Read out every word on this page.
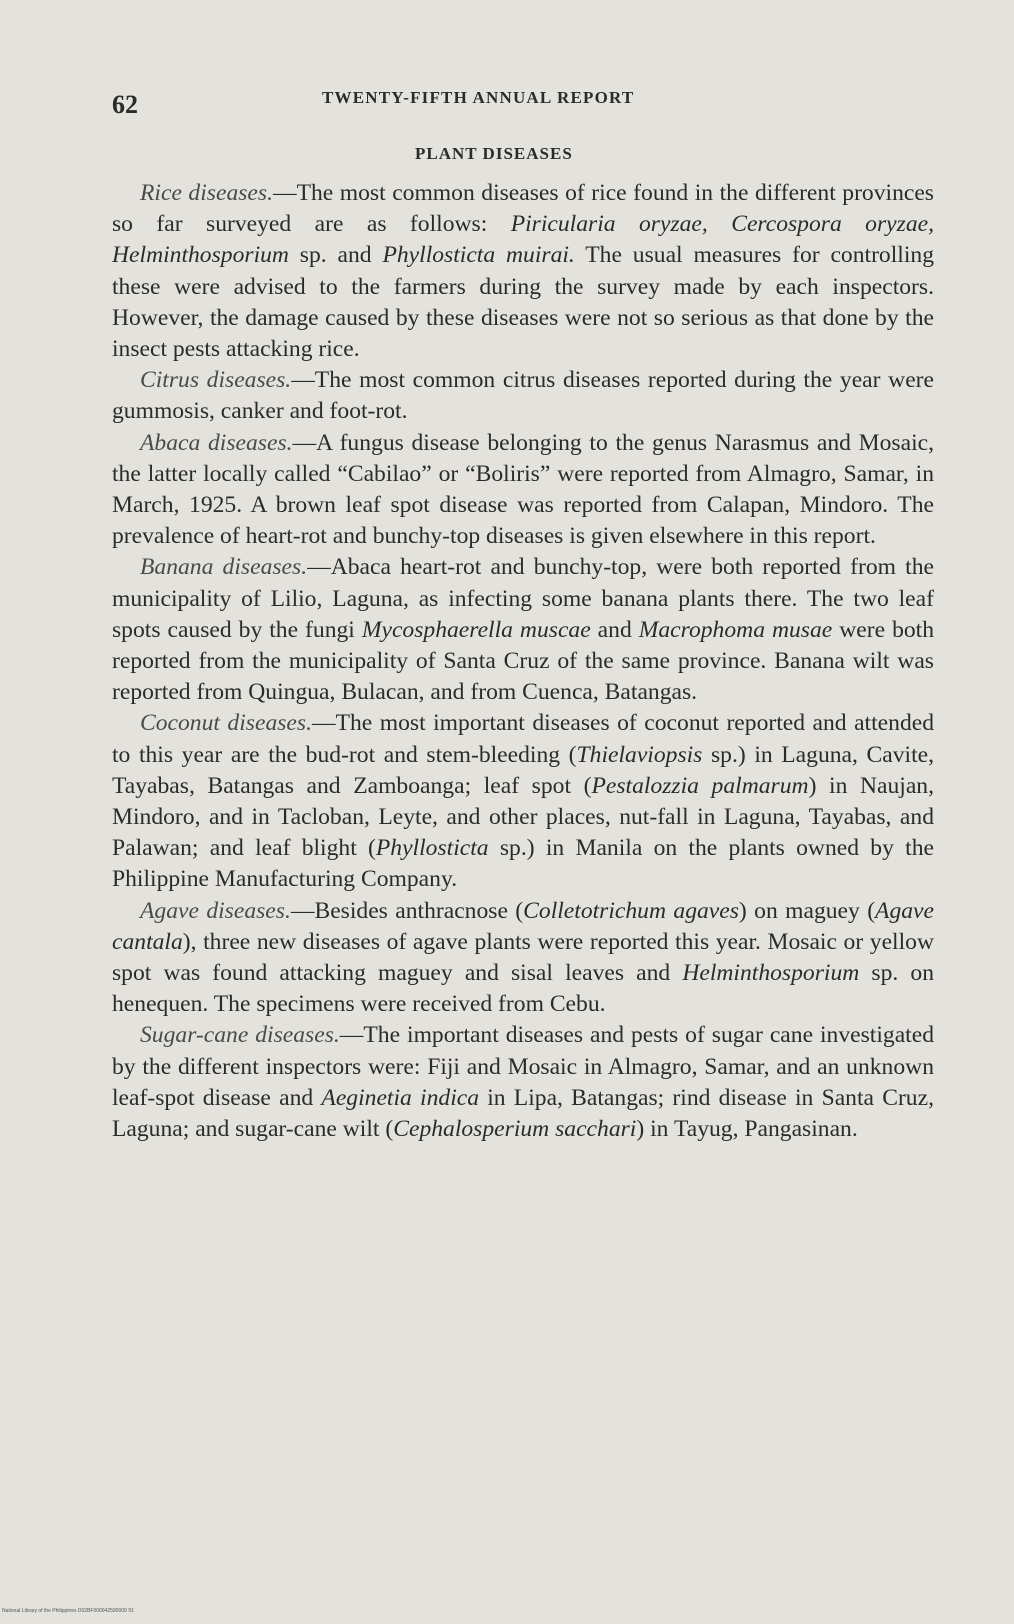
62	TWENTY-FIFTH ANNUAL REPORT
PLANT DISEASES

Rice diseases.—The most common diseases of rice found in the different provinces so far surveyed are as follows: Piricularia oryzae, Cercospora oryzae, Helminthosporium sp. and Phyllosticta muirai. The usual measures for controlling these were advised to the farmers during the survey made by each inspectors. However, the damage caused by these diseases were not so serious as that done by the insect pests attacking rice.

Citrus diseases.—The most common citrus diseases reported during the year were gummosis, canker and foot-rot.

Abaca diseases.—A fungus disease belonging to the genus Narasmus and Mosaic, the latter locally called “Cabilao” or “Boliris” were reported from Almagro, Samar, in March, 1925. A brown leaf spot disease was reported from Calapan, Mindoro. The prevalence of heart-rot and bunchy-top diseases is given elsewhere in this report.

Banana diseases.—Abaca heart-rot and bunchy-top, were both reported from the municipality of Lilio, Laguna, as infecting some banana plants there. The two leaf spots caused by the fungi Mycosphaerella muscae and Macrophoma musae were both reported from the municipality of Santa Cruz of the same province. Banana wilt was reported from Quingua, Bulacan, and from Cuenca, Batangas.

Coconut diseases.—The most important diseases of coconut reported and attended to this year are the bud-rot and stem-bleeding (Thielaviopsis sp.) in Laguna, Cavite, Tayabas, Batangas and Zamboanga; leaf spot (Pestalozzia palmarum) in Naujan, Mindoro, and in Tacloban, Leyte, and other places, nut-fall in Laguna, Tayabas, and Palawan; and leaf blight (Phyllosticta sp.) in Manila on the plants owned by the Philippine Manufacturing Company.

Agave diseases.—Besides anthracnose (Colletotrichum agaves) on maguey (Agave cantala), three new diseases of agave plants were reported this year. Mosaic or yellow spot was found attacking maguey and sisal leaves and Helminthosporium sp. on henequen. The specimens were received from Cebu.

Sugar-cane diseases.—The important diseases and pests of sugar cane investigated by the different inspectors were: Fiji and Mosaic in Almagro, Samar, and an unknown leaf-spot disease and Aeginetia indica in Lipa, Batangas; rind disease in Santa Cruz, Laguna; and sugar-cane wilt (Cephalosperium sacchari) in Tayug, Pangasinan.

National Library of the Philippines D02BF000042590009 91
